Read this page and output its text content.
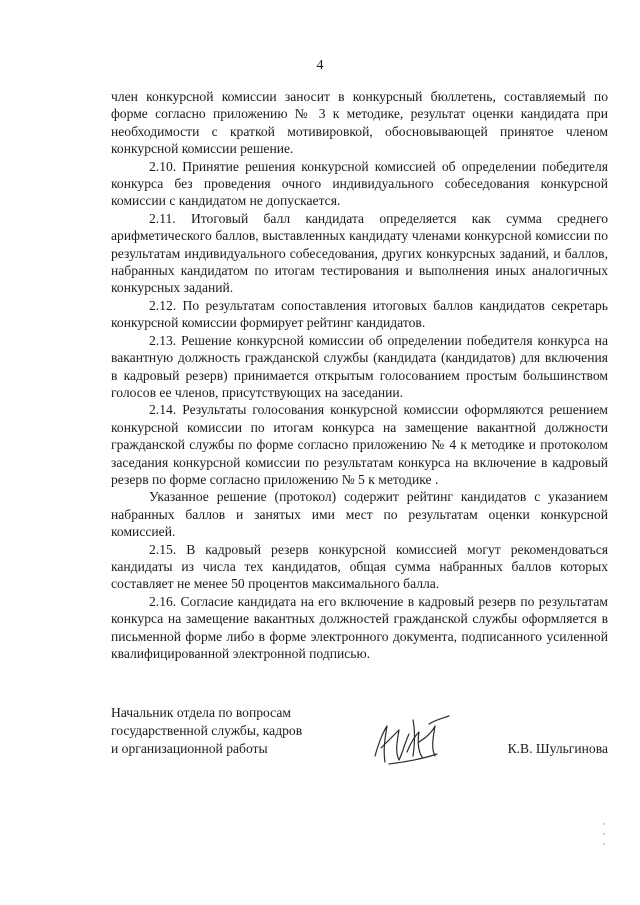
4

член конкурсной комиссии заносит в конкурсный бюллетень, составляемый по форме согласно приложению № 3 к методике, результат оценки кандидата при необходимости с краткой мотивировкой, обосновывающей принятое членом конкурсной комиссии решение.

2.10. Принятие решения конкурсной комиссией об определении победителя конкурса без проведения очного индивидуального собеседования конкурсной комиссии с кандидатом не допускается.

2.11. Итоговый балл кандидата определяется как сумма среднего арифметического баллов, выставленных кандидату членами конкурсной комиссии по результатам индивидуального собеседования, других конкурсных заданий, и баллов, набранных кандидатом по итогам тестирования и выполнения иных аналогичных конкурсных заданий.

2.12. По результатам сопоставления итоговых баллов кандидатов секретарь конкурсной комиссии формирует рейтинг кандидатов.

2.13. Решение конкурсной комиссии об определении победителя конкурса на вакантную должность гражданской службы (кандидата (кандидатов) для включения в кадровый резерв) принимается открытым голосованием простым большинством голосов ее членов, присутствующих на заседании.

2.14. Результаты голосования конкурсной комиссии оформляются решением конкурсной комиссии по итогам конкурса на замещение вакантной должности гражданской службы по форме согласно приложению № 4 к методике и протоколом заседания конкурсной комиссии по результатам конкурса на включение в кадровый резерв по форме согласно приложению № 5 к методике .

Указанное решение (протокол) содержит рейтинг кандидатов с указанием набранных баллов и занятых ими мест по результатам оценки конкурсной комиссией.

2.15. В кадровый резерв конкурсной комиссией могут рекомендоваться кандидаты из числа тех кандидатов, общая сумма набранных баллов которых составляет не менее 50 процентов максимального балла.

2.16. Согласие кандидата на его включение в кадровый резерв по результатам конкурса на замещение вакантных должностей гражданской службы оформляется в письменной форме либо в форме электронного документа, подписанного усиленной квалифицированной электронной подписью.

Начальник отдела по вопросам
государственной службы, кадров
и организационной работы	К.В. Шульгинова
